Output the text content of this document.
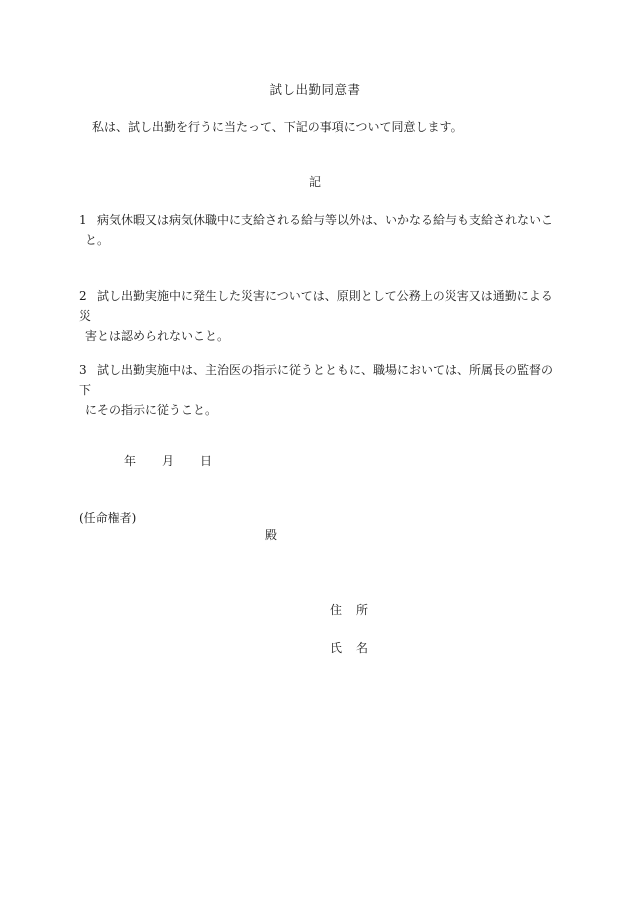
試し出勤同意書
私は、試し出勤を行うに当たって、下記の事項について同意します。
記
1 病気休暇又は病気休職中に支給される給与等以外は、いかなる給与も支給されないこ
と。
2 試し出勤実施中に発生した災害については、原則として公務上の災害又は通勤による災
害とは認められないこと。
3 試し出勤実施中は、主治医の指示に従うとともに、職場においては、所属長の監督の下
にその指示に従うこと。
年 月 日
(任命権者)
殿
住 所
氏 名
